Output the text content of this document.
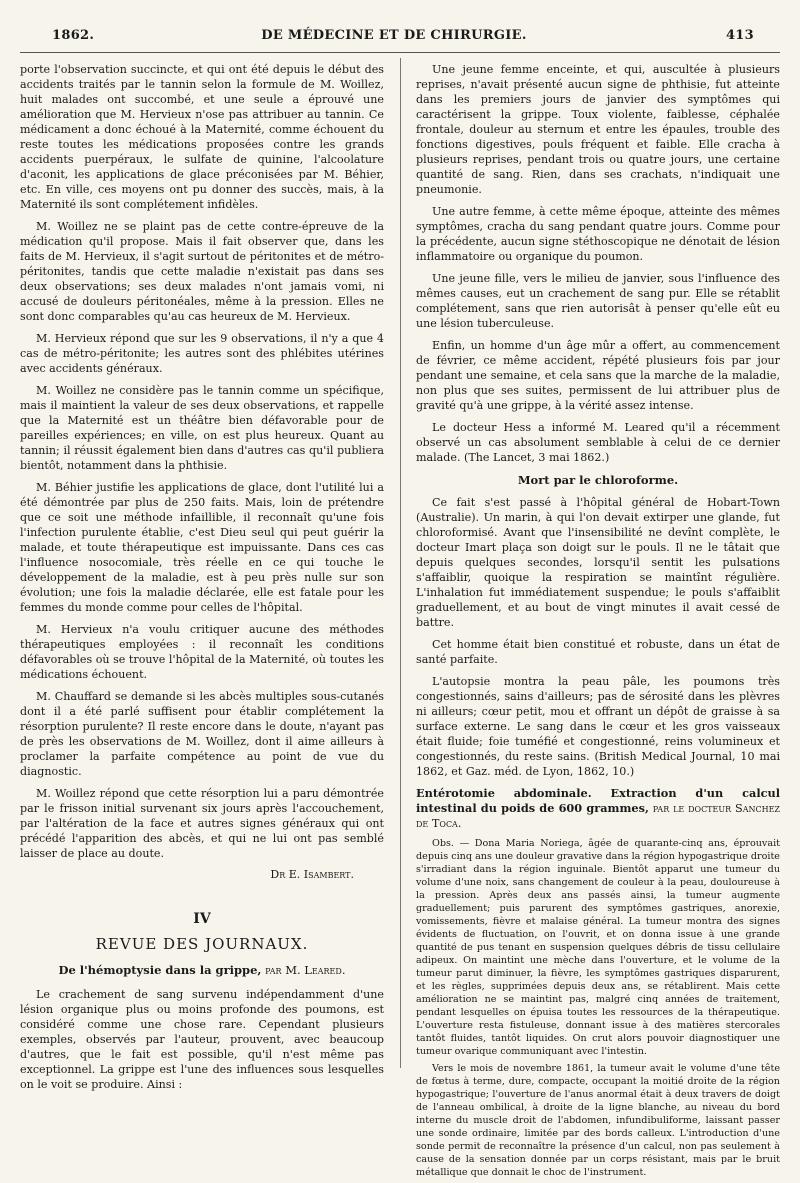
1862.	DE MÉDECINE ET DE CHIRURGIE.	413

porte l'observation succincte, et qui ont été depuis le début des accidents traités par le tannin selon la formule de M. Woillez, huit malades ont succombé, et une seule a éprouvé une amélioration que M. Hervieux n'ose pas attribuer au tannin. Ce médicament a donc échoué à la Maternité, comme échouent du reste toutes les médications proposées contre les grands accidents puerpéraux, le sulfate de quinine, l'alcoolature d'aconit, les applications de glace préconisées par M. Béhier, etc. En ville, ces moyens ont pu donner des succès, mais, à la Maternité ils sont complétement infidèles.

M. Woillez ne se plaint pas de cette contre-épreuve de la médication qu'il propose. Mais il fait observer que, dans les faits de M. Hervieux, il s'agit surtout de péritonites et de métro-péritonites, tandis que cette maladie n'existait pas dans ses deux observations; ses deux malades n'ont jamais vomi, ni accusé de douleurs péritonéales, même à la pression. Elles ne sont donc comparables qu'au cas heureux de M. Hervieux.

M. Hervieux répond que sur les 9 observations, il n'y a que 4 cas de métro-péritonite; les autres sont des phlébites utérines avec accidents généraux.

M. Woillez ne considère pas le tannin comme un spécifique, mais il maintient la valeur de ses deux observations, et rappelle que la Maternité est un théâtre bien défavorable pour de pareilles expériences; en ville, on est plus heureux. Quant au tannin; il réussit également bien dans d'autres cas qu'il publiera bientôt, notamment dans la phthisie.

M. Béhier justifie les applications de glace, dont l'utilité lui a été démontrée par plus de 250 faits. Mais, loin de prétendre que ce soit une méthode infaillible, il reconnaît qu'une fois l'infection purulente établie, c'est Dieu seul qui peut guérir la malade, et toute thérapeutique est impuissante. Dans ces cas l'influence nosocomiale, très réelle en ce qui touche le développement de la maladie, est à peu près nulle sur son évolution; une fois la maladie déclarée, elle est fatale pour les femmes du monde comme pour celles de l'hôpital.

M. Hervieux n'a voulu critiquer aucune des méthodes thérapeutiques employées : il reconnaît les conditions défavorables où se trouve l'hôpital de la Maternité, où toutes les médications échouent.

M. Chauffard se demande si les abcès multiples sous-cutanés dont il a été parlé suffisent pour établir complétement la résorption purulente? Il reste encore dans le doute, n'ayant pas de près les observations de M. Woillez, dont il aime ailleurs à proclamer la parfaite compétence au point de vue du diagnostic.

M. Woillez répond que cette résorption lui a paru démontrée par le frisson initial survenant six jours après l'accouchement, par l'altération de la face et autres signes généraux qui ont précédé l'apparition des abcès, et qui ne lui ont pas semblé laisser de place au doute.

Dr E. Isambert.
IV
REVUE DES JOURNAUX.
De l'hémoptysie dans la grippe, par M. Leared.

Le crachement de sang survenu indépendamment d'une lésion organique plus ou moins profonde des poumons, est considéré comme une chose rare. Cependant plusieurs exemples, observés par l'auteur, prouvent, avec beaucoup d'autres, que le fait est possible, qu'il n'est même pas exceptionnel. La grippe est l'une des influences sous lesquelles on le voit se produire. Ainsi :

Une jeune femme enceinte, et qui, auscultée à plusieurs reprises, n'avait présenté aucun signe de phthisie, fut atteinte dans les premiers jours de janvier des symptômes qui caractérisent la grippe. Toux violente, faiblesse, céphalée frontale, douleur au sternum et entre les épaules, trouble des fonctions digestives, pouls fréquent et faible. Elle cracha à plusieurs reprises, pendant trois ou quatre jours, une certaine quantité de sang. Rien, dans ses crachats, n'indiquait une pneumonie.

Une autre femme, à cette même époque, atteinte des mêmes symptômes, cracha du sang pendant quatre jours. Comme pour la précédente, aucun signe stéthoscopique ne dénotait de lésion inflammatoire ou organique du poumon.

Une jeune fille, vers le milieu de janvier, sous l'influence des mêmes causes, eut un crachement de sang pur. Elle se rétablit complétement, sans que rien autorisât à penser qu'elle eût eu une lésion tuberculeuse.

Enfin, un homme d'un âge mûr a offert, au commencement de février, ce même accident, répété plusieurs fois par jour pendant une semaine, et cela sans que la marche de la maladie, non plus que ses suites, permissent de lui attribuer plus de gravité qu'à une grippe, à la vérité assez intense.

Le docteur Hess a informé M. Leared qu'il a récemment observé un cas absolument semblable à celui de ce dernier malade. (The Lancet, 3 mai 1862.)

Mort par le chloroforme.

Ce fait s'est passé à l'hôpital général de Hobart-Town (Australie). Un marin, à qui l'on devait extirper une glande, fut chloroformisé. Avant que l'insensibilité ne devînt complète, le docteur Imart plaça son doigt sur le pouls. Il ne le tâtait que depuis quelques secondes, lorsqu'il sentit les pulsations s'affaiblir, quoique la respiration se maintînt régulière. L'inhalation fut immédiatement suspendue; le pouls s'affaiblit graduellement, et au bout de vingt minutes il avait cessé de battre.

Cet homme était bien constitué et robuste, dans un état de santé parfaite.

L'autopsie montra la peau pâle, les poumons très congestionnés, sains d'ailleurs; pas de sérosité dans les plèvres ni ailleurs; cœur petit, mou et offrant un dépôt de graisse à sa surface externe. Le sang dans le cœur et les gros vaisseaux était fluide; foie tuméfié et congestionné, reins volumineux et congestionnés, du reste sains. (British Medical Journal, 10 mai 1862, et Gaz. méd. de Lyon, 1862, 10.)

Entérotomie abdominale. Extraction d'un calcul intestinal du poids de 600 grammes, par le docteur Sanchez de Toca.

Obs. — Dona Maria Noriega, âgée de quarante-cinq ans, éprouvait depuis cinq ans une douleur gravative dans la région hypogastrique droite s'irradiant dans la région inguinale. Bientôt apparut une tumeur du volume d'une noix, sans changement de couleur à la peau, douloureuse à la pression. Après deux ans passés ainsi, la tumeur augmente graduellement; puis parurent des symptômes gastriques, anorexie, vomissements, fièvre et malaise général. La tumeur montra des signes évidents de fluctuation, on l'ouvrit, et on donna issue à une grande quantité de pus tenant en suspension quelques débris de tissu cellulaire adipeux. On maintint une mèche dans l'ouverture, et le volume de la tumeur parut diminuer, la fièvre, les symptômes gastriques disparurent, et les règles, supprimées depuis deux ans, se rétablirent. Mais cette amélioration ne se maintint pas, malgré cinq années de traitement, pendant lesquelles on épuisa toutes les ressources de la thérapeutique. L'ouverture resta fistuleuse, donnant issue à des matières stercorales tantôt fluides, tantôt liquides. On crut alors pouvoir diagnostiquer une tumeur ovarique communiquant avec l'intestin.

Vers le mois de novembre 1861, la tumeur avait le volume d'une tête de fœtus à terme, dure, compacte, occupant la moitié droite de la région hypogastrique; l'ouverture de l'anus anormal était à deux travers de doigt de l'anneau ombilical, à droite de la ligne blanche, au niveau du bord interne du muscle droit de l'abdomen, infundibuliforme, laissant passer une sonde ordinaire, limitée par des bords calleux. L'introduction d'une sonde permit de reconnaître la présence d'un calcul, non pas seulement à cause de la sensation donnée par un corps résistant, mais par le bruit métallique que donnait le choc de l'instrument.
